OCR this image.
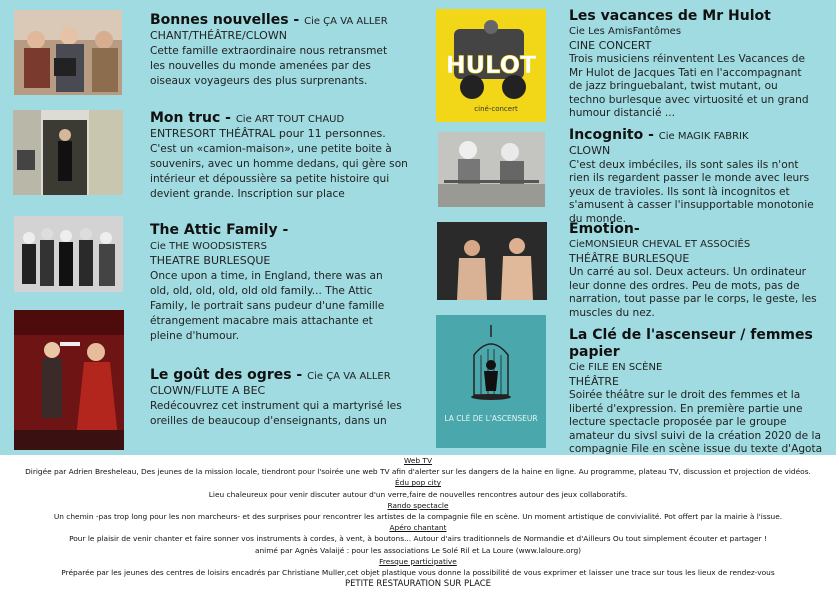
HULOT
ciné-concert
LA CLÉ DE L'ASCENSEUR
Bonnes nouvelles - Cie ÇA VA ALLER
CHANT/THÉÂTRE/CLOWN

Cette famille extraordinaire nous retransmet les nouvelles du monde amenées par des oiseaux voyageurs des plus surprenants.

Mon truc - Cie ART TOUT CHAUD
ENTRESORT THÉÂTRAL pour 11 personnes.

C'est un «camion-maison», une petite boite à souvenirs, avec un homme dedans, qui gère son intérieur et dépoussière sa petite histoire qui devient grande. Inscription sur place

The Attic Family -
Cie THE WOODSISTERS
THEATRE BURLESQUE

Once upon a time, in England, there was an old, old, old, old, old old family... The Attic Family, le portrait sans pudeur d'une famille étrangement macabre mais attachante et pleine d'humour.

Le goût des ogres - Cie ÇA VA ALLER
CLOWN/FLUTE A BEC

Redécouvrez cet instrument qui a martyrisé les oreilles de beaucoup d'enseignants, dans un

Les vacances de Mr Hulot
Cie Les AmisFantômes
CINE CONCERT

Trois musiciens réinventent Les Vacances de Mr Hulot de Jacques Tati en l'accompagnant de jazz bringuebalant, twist mutant, ou techno burlesque avec virtuosité et un grand humour distancié ...

Incognito - Cie MAGIK FABRIK
CLOWN

C'est deux imbéciles, ils sont sales ils n'ont rien ils regardent passer le monde avec leurs yeux de travioles. Ils sont là incognitos et s'amusent à casser l'insupportable monotonie du monde.

Émotion-
CieMONSIEUR CHEVAL ET ASSOCIÉS
THÉÂTRE BURLESQUE

Un carré au sol. Deux acteurs. Un ordinateur leur donne des ordres. Peu de mots, pas de narration, tout passe par le corps, le geste, les muscles du nez.

La Clé de l'ascenseur / femmes papier
Cie FILE EN SCÈNE
THÉÂTRE

Soirée théâtre sur le droit des femmes et la liberté d'expression. En première partie une lecture spectacle proposée par le groupe amateur du sivsl suivi de la création 2020 de la compagnie File en scène issue du texte d'Agota

Web TV
Dirigée par Adrien Bresheleau, Des jeunes de la mission locale, tiendront pour l'soirée une web TV afin d'alerter sur les dangers de la haine en ligne. Au programme, plateau TV, discussion et projection de vidéos.
Édu pop city
Lieu chaleureux pour venir discuter autour d'un verre,faire de nouvelles rencontres autour des jeux collaboratifs.
Rando spectacle
Un chemin -pas trop long pour les non marcheurs- et des surprises pour rencontrer les artistes de la compagnie file en scène. Un moment artistique de convivialité. Pot offert par la mairie à l'issue.
Apéro chantant
Pour le plaisir de venir chanter et faire sonner vos instruments à cordes, à vent, à boutons... Autour d'airs traditionnels de Normandie et d'Ailleurs Ou tout simplement écouter et partager ! animé par Agnès Valaijé : pour les associations Le Solé Ril et La Loure (www.laloure.org)
Fresque participative
Préparée par les jeunes des centres de loisirs encadrés par Christiane Muller,cet objet plastique vous donne la possibilité de vous exprimer et laisser une trace sur tous les lieux de rendez-vous
PETITE RESTAURATION SUR PLACE
